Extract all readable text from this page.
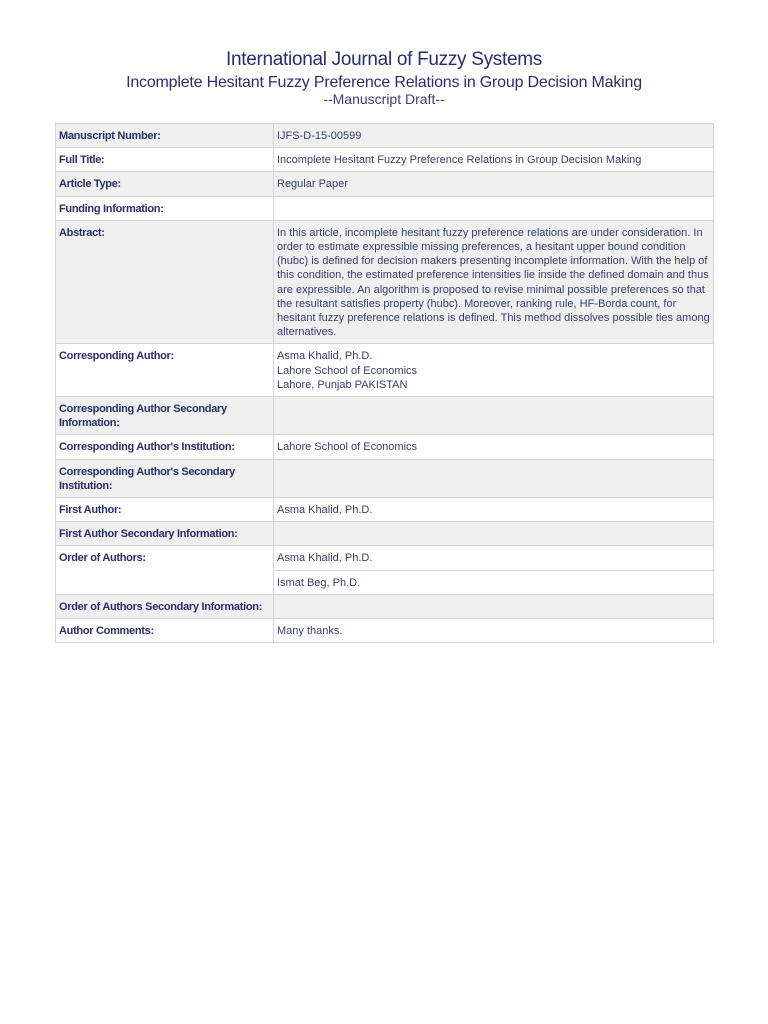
International Journal of Fuzzy Systems
Incomplete Hesitant Fuzzy Preference Relations in Group Decision Making
--Manuscript Draft--
Manuscript Number:	IJFS-D-15-00599
Full Title:	Incomplete Hesitant Fuzzy Preference Relations in Group Decision Making
Article Type:	Regular Paper
Funding Information:	
Abstract:	In this article, incomplete hesitant fuzzy preference relations are under consideration. In order to estimate expressible missing preferences, a hesitant upper bound condition (hubc) is defined for decision makers presenting incomplete information. With the help of this condition, the estimated preference intensities lie inside the defined domain and thus are expressible. An algorithm is proposed to revise minimal possible preferences so that the resultant satisfies property (hubc). Moreover, ranking rule, HF-Borda count, for hesitant fuzzy preference relations is defined. This method dissolves possible ties among alternatives.
Corresponding Author:	Asma Khalid, Ph.D.
Lahore School of Economics
Lahore, Punjab PAKISTAN

Corresponding Author Secondary
Information:	

Corresponding Author's Institution:	Lahore School of Economics

Corresponding Author's Secondary
Institution:	

First Author:	Asma Khalid, Ph.D.
First Author Secondary Information:	
Order of Authors:	Asma Khalid, Ph.D.
	Ismat Beg, Ph.D.
Order of Authors Secondary Information:	
Author Comments:	Many thanks.
